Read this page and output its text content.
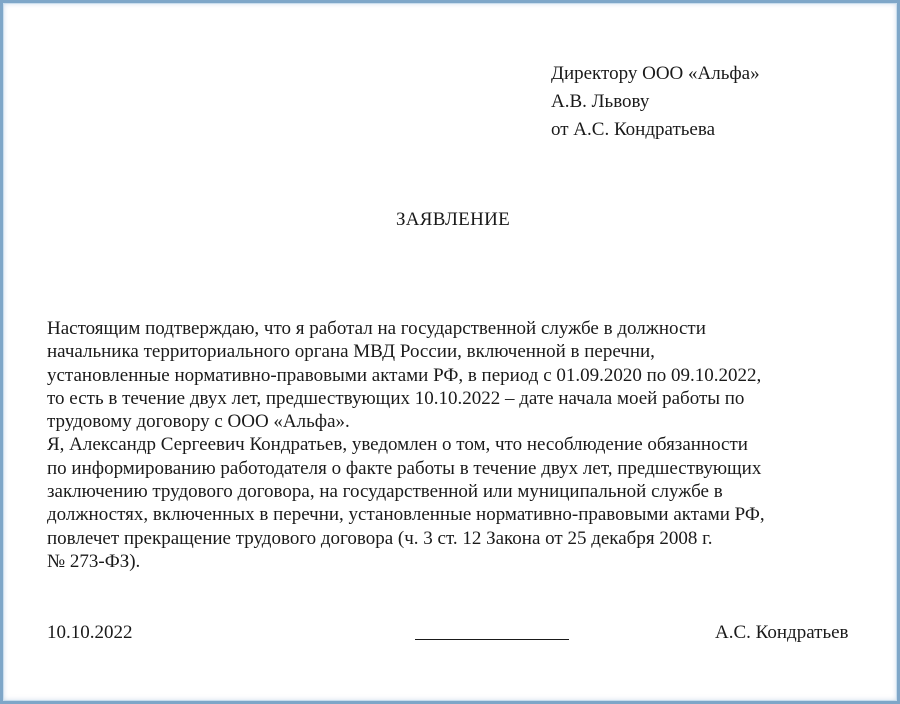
Директору ООО «Альфа»
А.В. Львову
от А.С. Кондратьева
ЗАЯВЛЕНИЕ
Настоящим подтверждаю, что я работал на государственной службе в должности
начальника территориального органа МВД России, включенной в перечни,
установленные нормативно-правовыми актами РФ, в период с 01.09.2020 по 09.10.2022,
то есть в течение двух лет, предшествующих 10.10.2022 – дате начала моей работы по
трудовому договору с ООО «Альфа».
Я, Александр Сергеевич Кондратьев, уведомлен о том, что несоблюдение обязанности
по информированию работодателя о факте работы в течение двух лет, предшествующих
заключению трудового договора, на государственной или муниципальной службе в
должностях, включенных в перечни, установленные нормативно-правовыми актами РФ,
повлечет прекращение трудового договора (ч. 3 ст. 12 Закона от 25 декабря 2008 г.
№ 273-ФЗ).
10.10.2022	А.С. Кондратьев
